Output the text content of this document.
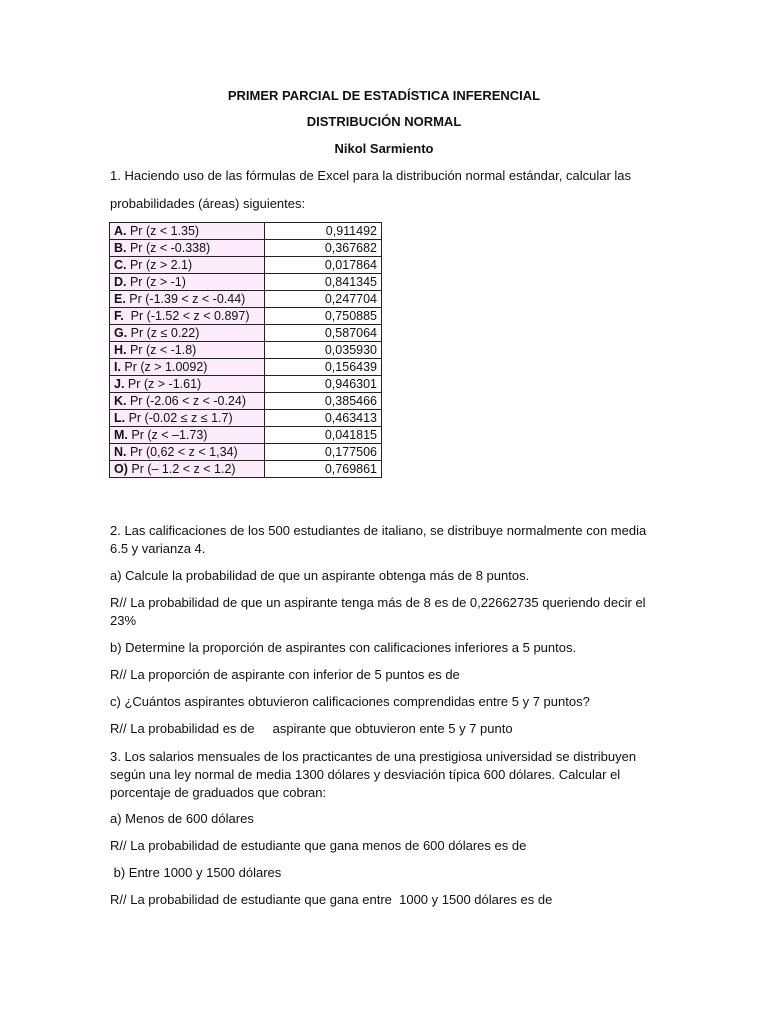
PRIMER PARCIAL DE ESTADÍSTICA INFERENCIAL
DISTRIBUCIÓN NORMAL
Nikol Sarmiento
1. Haciendo uso de las fórmulas de Excel para la distribución normal estándar, calcular las
probabilidades (áreas) siguientes:
A. Pr (z < 1.35)	0,911492
B. Pr (z < -0.338)	0,367682
C. Pr (z > 2.1)	0,017864
D. Pr (z > -1)	0,841345
E. Pr (-1.39 < z < -0.44)	0,247704
F.  Pr (-1.52 < z < 0.897)	0,750885
G. Pr (z ≤ 0.22)	0,587064
H. Pr (z < -1.8)	0,035930
I. Pr (z > 1.0092)	0,156439
J. Pr (z > -1.61)	0,946301
K. Pr (-2.06 < z < -0.24)	0,385466
L. Pr (-0.02 ≤ z ≤ 1.7)	0,463413
M. Pr (z < –1.73)	0,041815
N. Pr (0,62 < z < 1,34)	0,177506
O) Pr (– 1.2 < z < 1.2)	0,769861
2. Las calificaciones de los 500 estudiantes de italiano, se distribuye normalmente con media 6.5 y varianza 4.
a) Calcule la probabilidad de que un aspirante obtenga más de 8 puntos.
R// La probabilidad de que un aspirante tenga más de 8 es de 0,22662735 queriendo decir el 23%
b) Determine la proporción de aspirantes con calificaciones inferiores a 5 puntos.
R// La proporción de aspirante con inferior de 5 puntos es de
c) ¿Cuántos aspirantes obtuvieron calificaciones comprendidas entre 5 y 7 puntos?
R// La probabilidad es de     aspirante que obtuvieron ente 5 y 7 punto
3. Los salarios mensuales de los practicantes de una prestigiosa universidad se distribuyen según una ley normal de media 1300 dólares y desviación típica 600 dólares. Calcular el porcentaje de graduados que cobran:
a) Menos de 600 dólares
R// La probabilidad de estudiante que gana menos de 600 dólares es de
b) Entre 1000 y 1500 dólares
R// La probabilidad de estudiante que gana entre  1000 y 1500 dólares es de
